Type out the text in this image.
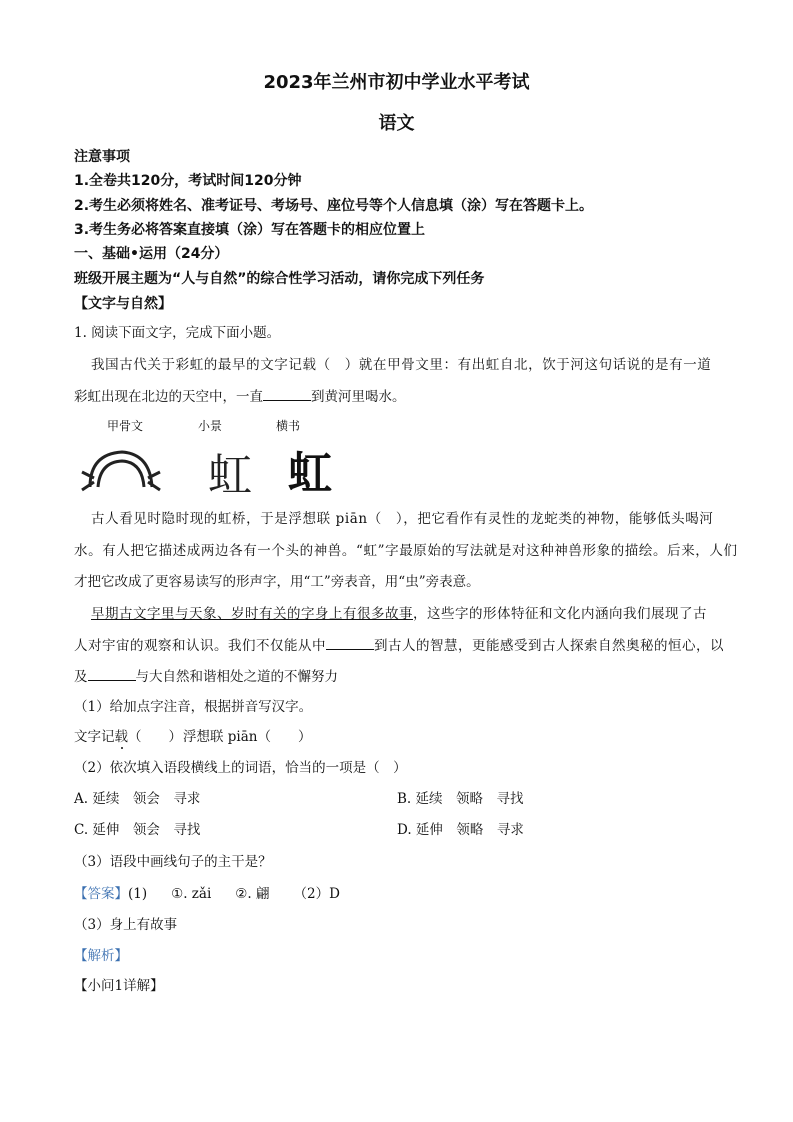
2023年兰州市初中学业水平考试
语文
注意事项
1.全卷共120分，考试时间120分钟
2.考生必须将姓名、准考证号、考场号、座位号等个人信息填（涂）写在答题卡上。
3.考生务必将答案直接填（涂）写在答题卡的相应位置上
一、基础•运用（24分）
班级开展主题为“人与自然”的综合性学习活动，请你完成下列任务
【文字与自然】
1. 阅读下面文字，完成下面小题。
我国古代关于彩虹的最早的文字记载（　）就在甲骨文里：有出虹自北，饮于河这句话说的是有一道
彩虹出现在北边的天空中，一直	到黄河里喝水。
甲骨文	小景	横书
虹 虹
古人看见时隐时现的虹桥，于是浮想联 piān（　），把它看作有灵性的龙蛇类的神物，能够低头喝河
水。有人把它描述成两边各有一个头的神兽。“虹”字最原始的写法就是对这种神兽形象的描绘。后来，人们
才把它改成了更容易读写的形声字，用“工”旁表音，用“虫”旁表意。
早期古文字里与天象、岁时有关的字身上有很多故事，这些字的形体特征和文化内涵向我们展现了古
人对宇宙的观察和认识。我们不仅能从中	到古人的智慧，更能感受到古人探索自然奥秘的恒心，以
及	与大自然和谐相处之道的不懈努力
（1）给加点字注音，根据拼音写汉字。
文字记载（　　） 浮想联 piān（　　）
（2）依次填入语段横线上的词语，恰当的一项是（　）
A. 延续　领会　寻求	B. 延续　领略　寻找
C. 延伸　领会　寻找	D. 延伸　领略　寻求
（3）语段中画线句子的主干是？
【答案】(1) ①. zǎi ②. 翩 （2）D
（3）身上有故事
【解析】
【小问1详解】
